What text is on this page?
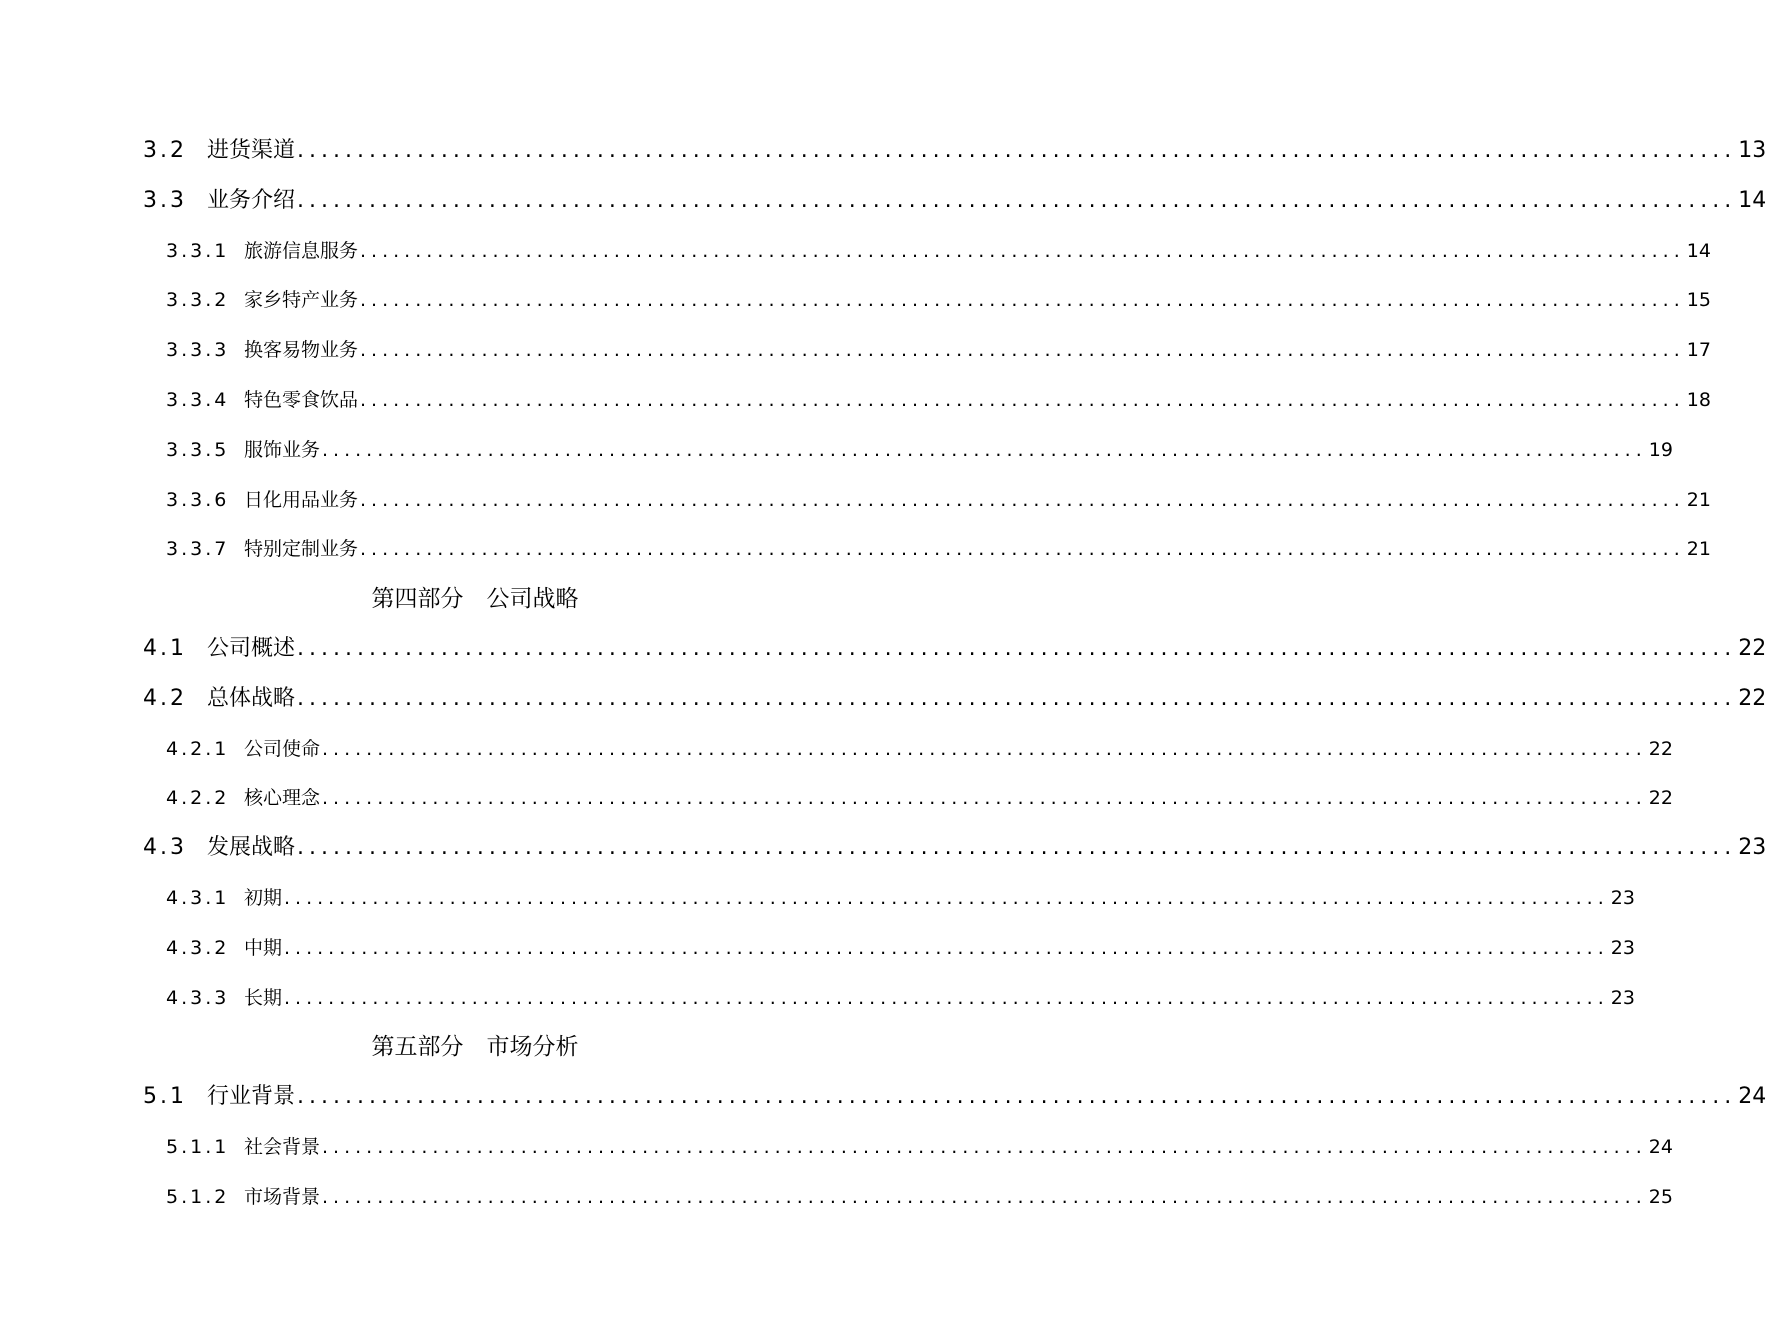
3.2 进货渠道 ........................................................................................................................ 13
3.3 业务介绍 ........................................................................................................................ 14
3.3.1 旅游信息服务 ........................................................................................................................ 14
3.3.2 家乡特产业务 ........................................................................................................................ 15
3.3.3 换客易物业务 ........................................................................................................................ 17
3.3.4 特色零食饮品 ........................................................................................................................ 18
3.3.5 服饰业务 ........................................................................................................................ 19
3.3.6 日化用品业务 ........................................................................................................................ 21
3.3.7 特别定制业务 ........................................................................................................................ 21
第四部分　公司战略
4.1 公司概述 ........................................................................................................................ 22
4.2 总体战略 ........................................................................................................................ 22
4.2.1 公司使命 ........................................................................................................................ 22
4.2.2 核心理念 ........................................................................................................................ 22
4.3 发展战略 ........................................................................................................................ 23
4.3.1 初期 ........................................................................................................................ 23
4.3.2 中期 ........................................................................................................................ 23
4.3.3 长期 ........................................................................................................................ 23
第五部分　市场分析
5.1 行业背景 ........................................................................................................................ 24
5.1.1 社会背景 ........................................................................................................................ 24
5.1.2 市场背景 ........................................................................................................................ 25
